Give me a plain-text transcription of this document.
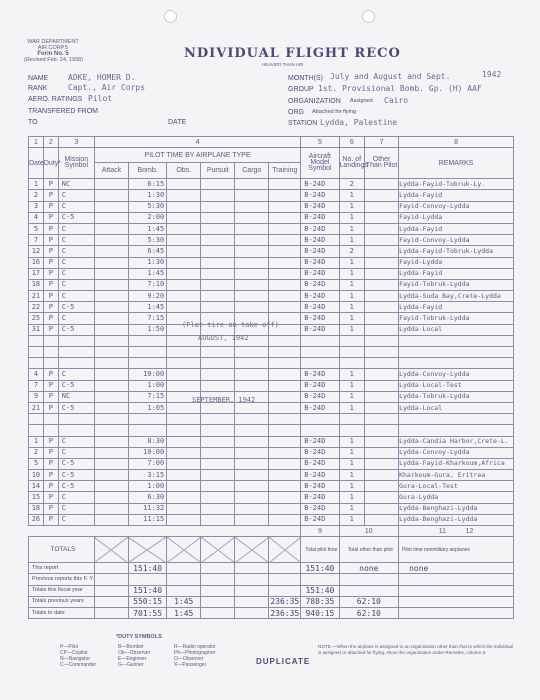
WAR DEPARTMENT
AIR CORPS
Form No. 5
(Revised Feb. 24, 1938)	NDIVIDUAL FLIGHT RECO
HEAVIER THAN AIR
NAME ADKE, HOMER D.
RANK	Capt., Air Corps
AERO. RATINGS Pilot
TRANSFERED FROM
TO	DATE
MONTH(S) July and August and Sept.	1942
GROUP 1st. Provisional Bomb. Gp. (H) AAF
ORGANIZATION Assigned Cairo
ORG Attached for flying
STATION Lydda, Palestine
1	2	3	4						5	6	7	8
Date	Duty*	Mission Symbol	PILOT TIME BY AIRPLANE TYPE						Aircraft Model Symbol	No. of Landings	Other Than Pilot	REMARKS
			Attack	Bomb.	Obs.	Pursuit	Cargo	Training				
1	P	NC		6:15					B-24D	2		Lydda-Fayid-Tobruk-Ly.
2	P	C		1:30					B-24D	1		Lydda-Fayid
3	P	C		5:30					B-24D	1		Fayid-Convoy-Lydda
4	P	C-5		2:00					B-24D	1		Fayid-Lydda
5	P	C		1:45					B-24D	1		Lydda-Fayid
7	P	C		5:30					B-24D	1		Fayid-Convoy-Lydda
12	P	C		6:45					B-24D	2		Lydda-Fayid-Tobruk-Lydda
16	P	C		1:30					B-24D	1		Fayid-Lydda
17	P	C		1:45					B-24D	1		Lydda-Fayid
18	P	C		7:10					B-24D	1		Fayid-Tobruk-Lydda
21	P	C		9:20					B-24D	1		Lydda-Suda Bay,Crete-Lydda
22	P	C-5		1:45					B-24D	1		Lydda-Fayid
25	P	C		7:15					B-24D	1		Fayid-Tobruk-Lydda
31	P	C-5		1:50					B-24D	1		Lydda-Local

4	P	C		10:00					B-24D	1		Lydda-Convoy-Lydda
7	P	C-5		1:00					B-24D	1		Lydda-Local-Test
9	P	NC		7:15					B-24D	1		Lydda-Tobruk-Lydda
21	P	C-5		1:05					B-24D	1		Lydda-Local

1	P	C		8:30					B-24D	1		Lydda-Candia Harbor,Crete-L.
2	P	C		10:00					B-24D	1		Lydda-Convoy-Lydda
5	P	C-5		7:00					B-24D	1		Lydda-Fayid-Kharkoum,Africa
10	P	C-5		3:15					B-24D	1		Kharkoum-Gura, Eritrea
14	P	C-5		1:00					B-24D	1		Gura-Local-Test
15	P	C		6:30					B-24D	1		Gura-Lydda
18	P	C		11:32					B-24D	1		Lydda-Benghazi-Lydda
26	P	C		11:15					B-24D	1		Lydda-Benghazi-Lydda
									9	10		11 12
TOTALS									Total pilot time	Total other than pilot		Pilot time nonmilitary airplanes
This report				151:40					151:40	none		none
Previous reports this F. Y.												
Totals this fiscal year				151:40					151:40			
Totals previous years				550:15	1:45			236:35	788:35	62:10		
Totals to date				701:55	1:45			236:35	940:15	62:10		
(Flat tire on take-off)
AUGUST, 1942
SEPTEMBER, 1942
*DUTY SYMBOLS
P—Pilot
CP—Copilot
N—Navigator
C—Commander
B—Bomber
Ob—Observer
E—Engineer
G—Gunner
R—Radio operator
Ph—Photographer
O—Observer
X—Passenger	DUPLICATE
NOTE.—When the airplane is assigned to an organization other than that to which the individual is assigned or attached for flying, show the organization under Remarks, column 8.
